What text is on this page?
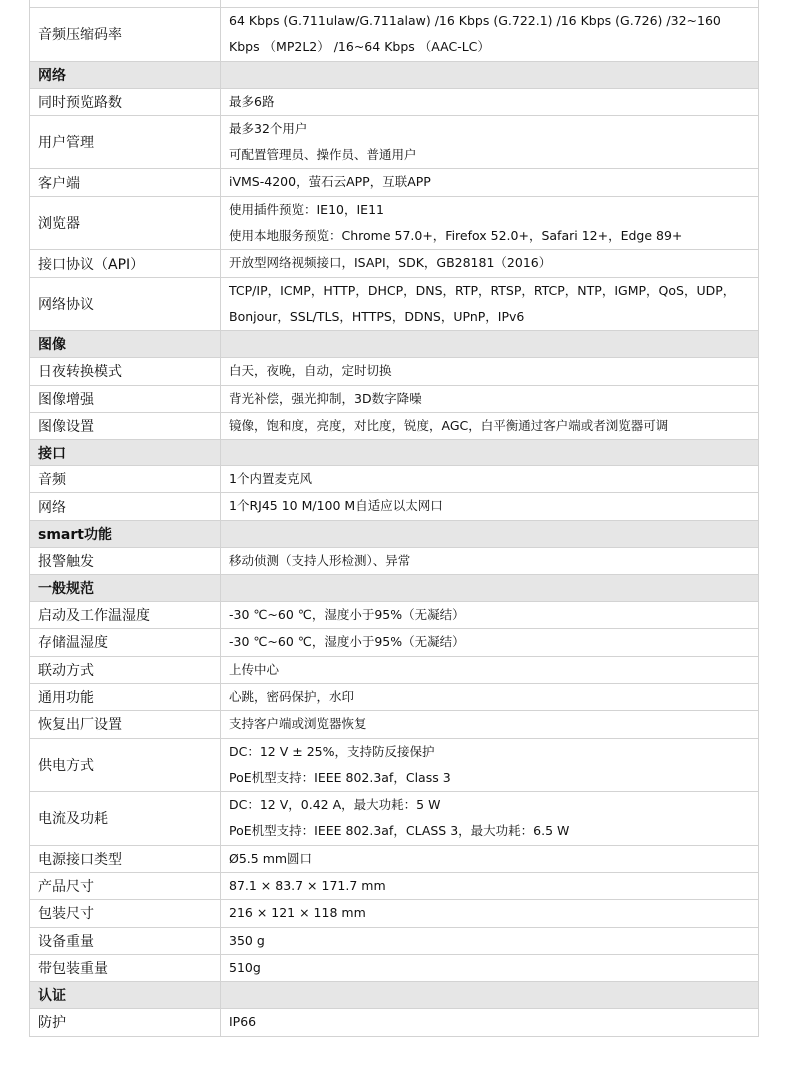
音频压缩码率	64 Kbps (G.711ulaw/G.711alaw) /16 Kbps (G.722.1) /16 Kbps (G.726) /32~160 Kbps （MP2L2） /16~64 Kbps （AAC-LC）

网络	
同时预览路数	最多6路

用户管理	最多32个用户
可配置管理员、操作员、普通用户

客户端	iVMS-4200，萤石云APP，互联APP

浏览器	使用插件预览：IE10，IE11
使用本地服务预览：Chrome 57.0+，Firefox 52.0+，Safari 12+，Edge 89+

接口协议（API）	开放型网络视频接口，ISAPI，SDK，GB28181（2016）

网络协议	TCP/IP，ICMP，HTTP，DHCP，DNS，RTP，RTSP，RTCP，NTP，IGMP，QoS，UDP，Bonjour，SSL/TLS，HTTPS，DDNS，UPnP，IPv6

图像	
日夜转换模式	白天，夜晚，自动，定时切换

图像增强	背光补偿，强光抑制，3D数字降噪

图像设置	镜像，饱和度，亮度，对比度，锐度，AGC，白平衡通过客户端或者浏览器可调

接口	
音频	1个内置麦克风

网络	1个RJ45 10 M/100 M自适应以太网口

smart功能	
报警触发	移动侦测（支持人形检测）、异常

一般规范	
启动及工作温湿度	-30 ℃~60 ℃，湿度小于95%（无凝结）

存储温湿度	-30 ℃~60 ℃，湿度小于95%（无凝结）

联动方式	上传中心

通用功能	心跳，密码保护，水印

恢复出厂设置	支持客户端或浏览器恢复

供电方式	DC：12 V ± 25%，支持防反接保护
PoE机型支持：IEEE 802.3af，Class 3

电流及功耗	DC：12 V，0.42 A，最大功耗：5 W
PoE机型支持：IEEE 802.3af，CLASS 3，最大功耗：6.5 W

电源接口类型	Ø5.5 mm圆口

产品尺寸	87.1 × 83.7 × 171.7 mm

包装尺寸	216 × 121 × 118 mm

设备重量	350 g

带包装重量	510g

认证	
防护	IP66
